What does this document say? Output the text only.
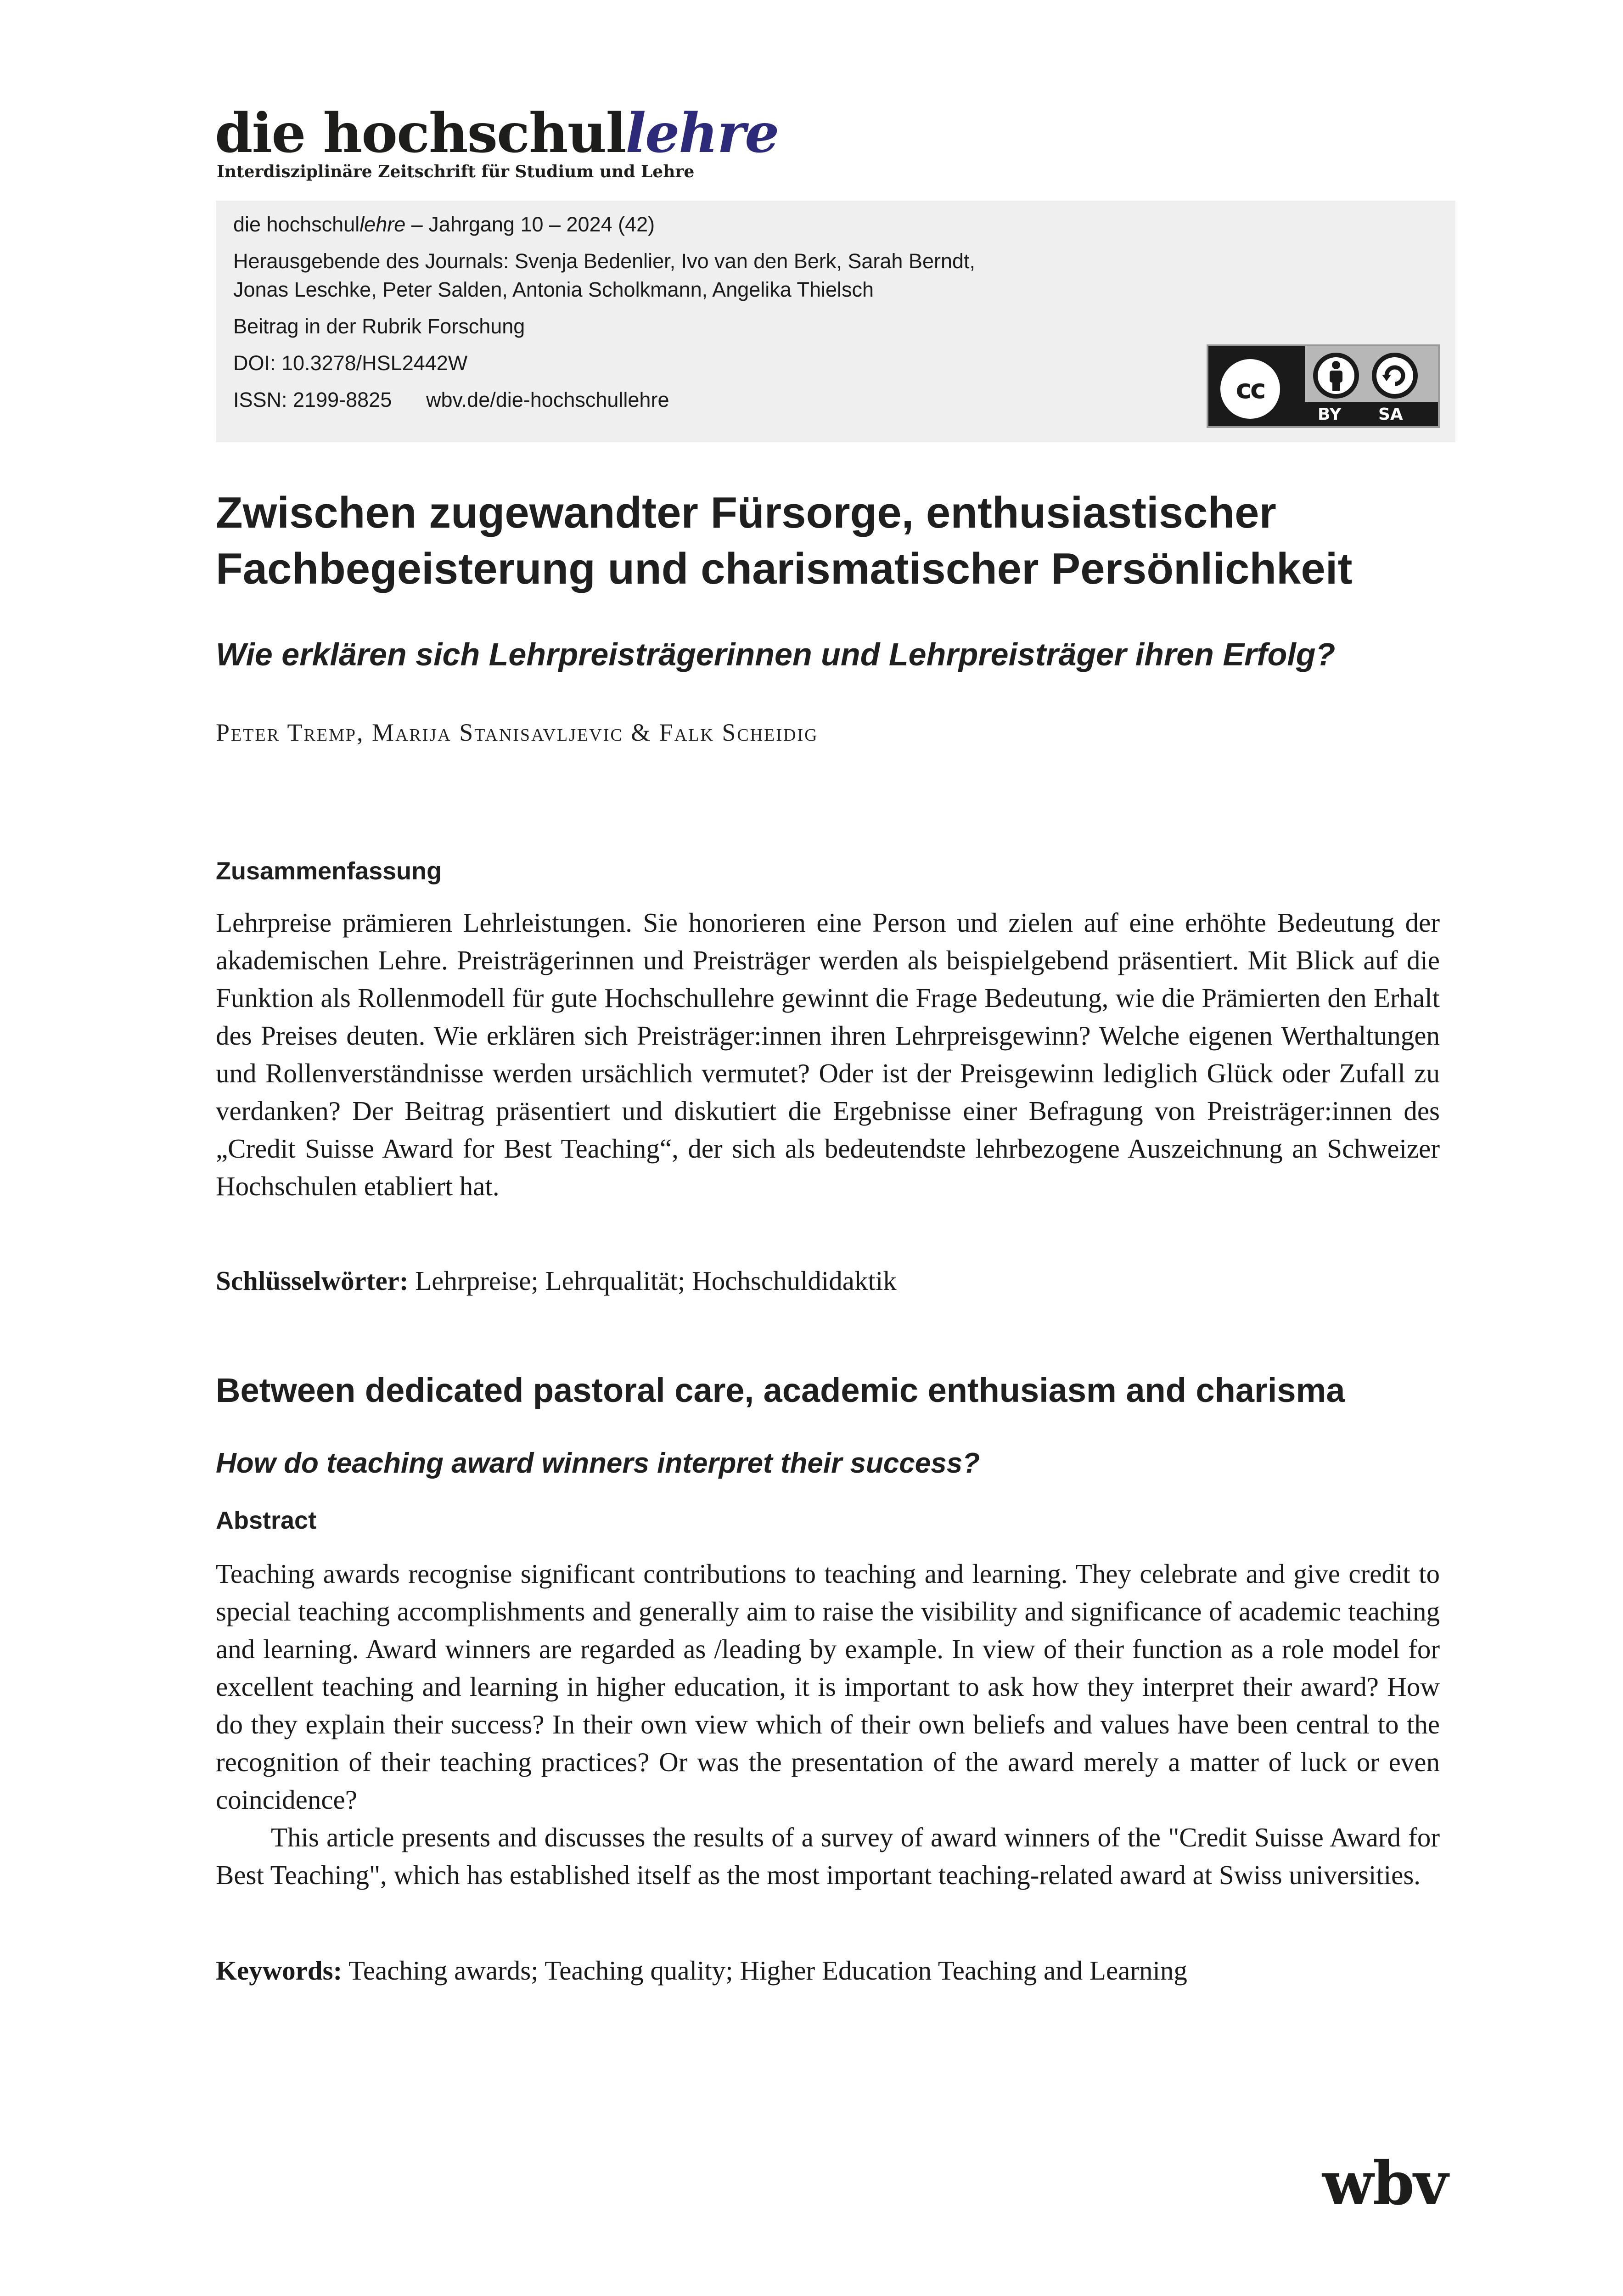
die hochschullehre
Interdisziplinäre Zeitschrift für Studium und Lehre
die hochschullehre – Jahrgang 10 – 2024 (42)
Herausgebende des Journals: Svenja Bedenlier, Ivo van den Berk, Sarah Berndt,
Jonas Leschke, Peter Salden, Antonia Scholkmann, Angelika Thielsch
Beitrag in der Rubrik Forschung
DOI: 10.3278/HSL2442W
ISSN: 2199-8825 wbv.de/die-hochschullehre	cc
BY SA
Zwischen zugewandter Fürsorge, enthusiastischer Fachbegeisterung und charismatischer Persönlichkeit
Wie erklären sich Lehrpreisträgerinnen und Lehrpreisträger ihren Erfolg?
Peter Tremp, Marija Stanisavljevic & Falk Scheidig
Zusammenfassung
Lehrpreise prämieren Lehrleistungen. Sie honorieren eine Person und zielen auf eine erhöhte Bedeutung der akademischen Lehre. Preisträgerinnen und Preisträger werden als beispielgebend präsentiert. Mit Blick auf die Funktion als Rollenmodell für gute Hochschullehre gewinnt die Frage Bedeutung, wie die Prämierten den Erhalt des Preises deuten. Wie erklären sich Preisträger:innen ihren Lehrpreisgewinn? Welche eigenen Werthaltungen und Rollenverständnisse werden ursächlich vermutet? Oder ist der Preisgewinn lediglich Glück oder Zufall zu verdanken? Der Beitrag präsentiert und diskutiert die Ergebnisse einer Befragung von Preisträger:innen des „Credit Suisse Award for Best Teaching“, der sich als bedeutendste lehrbezogene Auszeichnung an Schweizer Hochschulen etabliert hat.
Schlüsselwörter: Lehrpreise; Lehrqualität; Hochschuldidaktik
Between dedicated pastoral care, academic enthusiasm and charisma
How do teaching award winners interpret their success?
Abstract
Teaching awards recognise significant contributions to teaching and learning. They celebrate and give credit to special teaching accomplishments and generally aim to raise the visibility and significance of academic teaching and learning. Award winners are regarded as /leading by example. In view of their function as a role model for excellent teaching and learning in higher education, it is important to ask how they interpret their award? How do they explain their success? In their own view which of their own beliefs and values have been central to the recognition of their teaching practices? Or was the presentation of the award merely a matter of luck or even coincidence?
This article presents and discusses the results of a survey of award winners of the "Credit Suisse Award for Best Teaching", which has established itself as the most important teaching-related award at Swiss universities.
Keywords: Teaching awards; Teaching quality; Higher Education Teaching and Learning
wbv
